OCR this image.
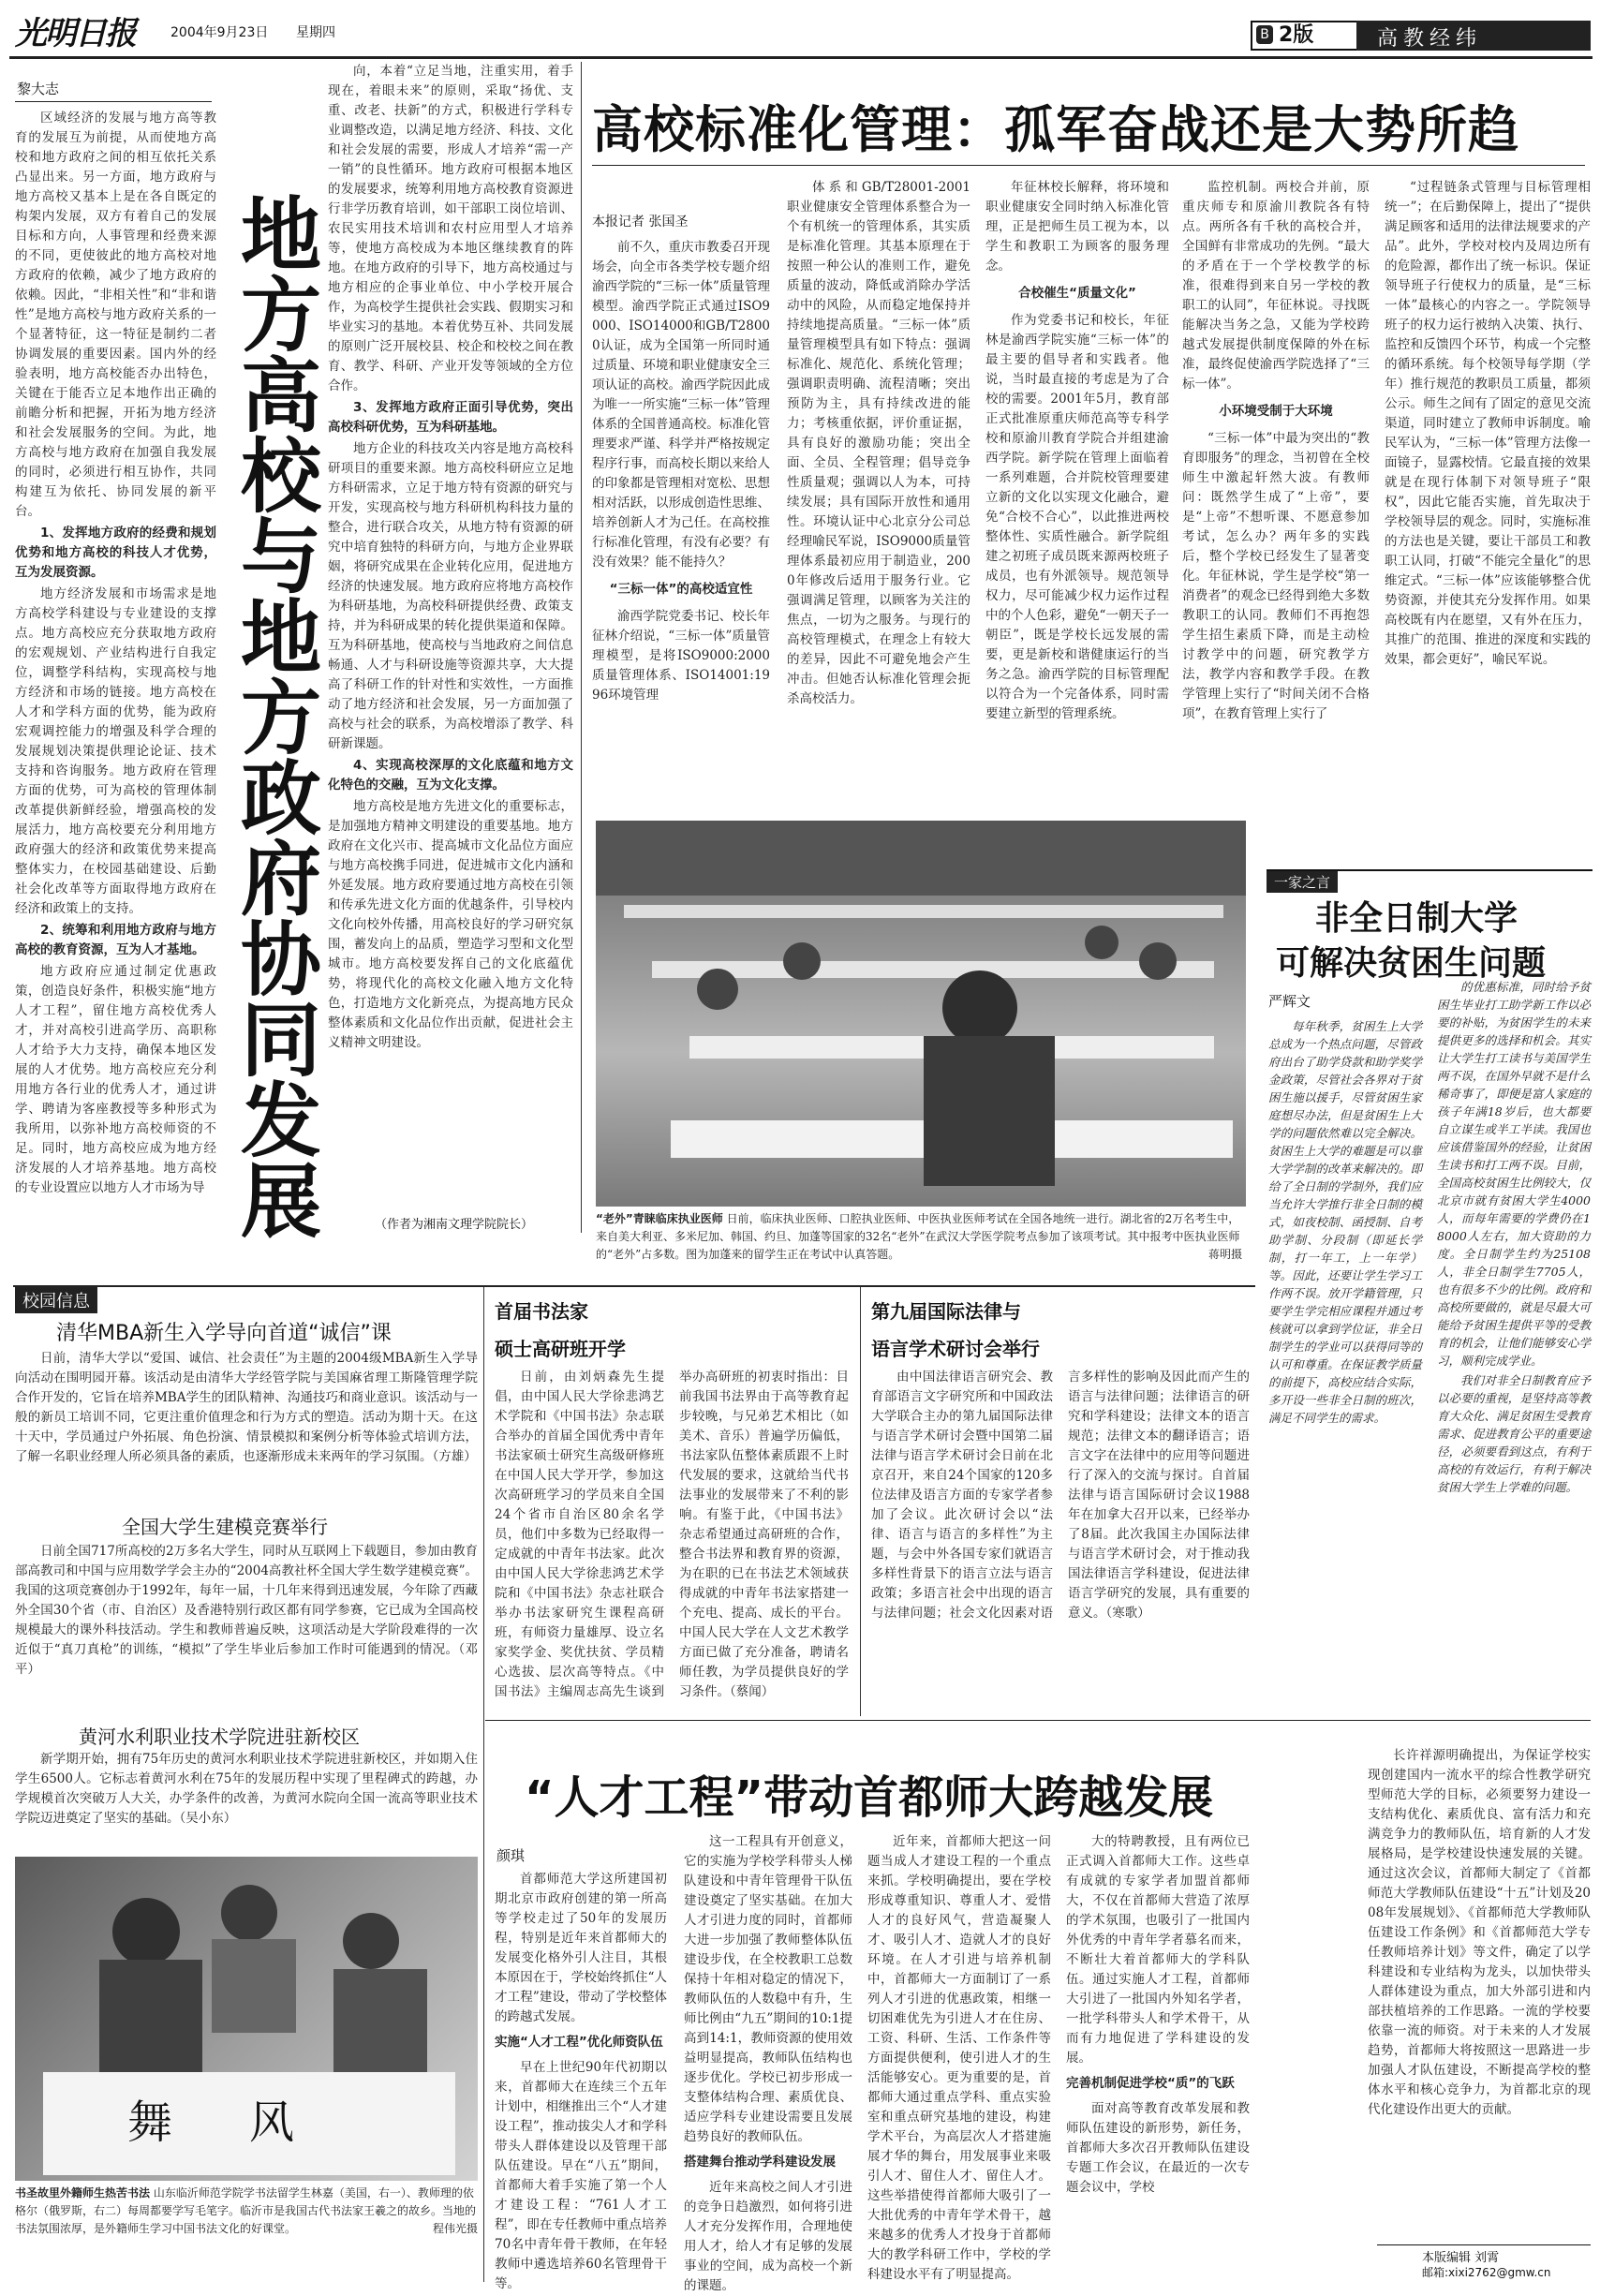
光明日报	2004年9月23日 星期四	B 2版	高教经纬
黎大志

区域经济的发展与地方高等教育的发展互为前提，从而使地方高校和地方政府之间的相互依托关系凸显出来。另一方面，地方政府与地方高校又基本上是在各自既定的构架内发展，双方有着自己的发展目标和方向，人事管理和经费来源的不同，更使彼此的地方高校对地方政府的依赖，减少了地方政府的依赖。因此，“非相关性”和“非和谐性”是地方高校与地方政府关系的一个显著特征，这一特征是制约二者协调发展的重要因素。国内外的经验表明，地方高校能否办出特色，关键在于能否立足本地作出正确的前瞻分析和把握，开拓为地方经济和社会发展服务的空间。为此，地方高校与地方政府在加强自我发展的同时，必须进行相互协作，共同构建互为依托、协同发展的新平台。

1、发挥地方政府的经费和规划优势和地方高校的科技人才优势，互为发展资源。

地方经济发展和市场需求是地方高校学科建设与专业建设的支撑点。地方高校应充分获取地方政府的宏观规划、产业结构进行自我定位，调整学科结构，实现高校与地方经济和市场的链接。地方高校在人才和学科方面的优势，能为政府宏观调控能力的增强及科学合理的发展规划决策提供理论论证、技术支持和咨询服务。地方政府在管理方面的优势，可为高校的管理体制改革提供新鲜经验，增强高校的发展活力，地方高校要充分利用地方政府强大的经济和政策优势来提高整体实力，在校园基础建设、后勤社会化改革等方面取得地方政府在经济和政策上的支持。

2、统筹和利用地方政府与地方高校的教育资源，互为人才基地。

地方政府应通过制定优惠政策，创造良好条件，积极实施“地方人才工程”，留住地方高校优秀人才，并对高校引进高学历、高职称人才给予大力支持，确保本地区发展的人才优势。地方高校应充分利用地方各行业的优秀人才，通过讲学、聘请为客座教授等多种形式为我所用，以弥补地方高校师资的不足。同时，地方高校应成为地方经济发展的人才培养基地。地方高校的专业设置应以地方人才市场为导 地方高校与地方政府协同发展

向，本着“立足当地，注重实用，着手现在，着眼未来”的原则，采取“扬优、支重、改老、扶新”的方式，积极进行学科专业调整改造，以满足地方经济、科技、文化和社会发展的需要，形成人才培养“需一产一销”的良性循环。地方政府可根据本地区的发展要求，统筹利用地方高校教育资源进行非学历教育培训，如干部职工岗位培训、农民实用技术培训和农村应用型人才培养等，使地方高校成为本地区继续教育的阵地。在地方政府的引导下，地方高校通过与地方相应的企事业单位、中小学校开展合作，为高校学生提供社会实践、假期实习和毕业实习的基地。本着优势互补、共同发展的原则广泛开展校县、校企和校校之间在教育、教学、科研、产业开发等领域的全方位合作。

3、发挥地方政府正面引导优势，突出高校科研优势，互为科研基地。

地方企业的科技攻关内容是地方高校科研项目的重要来源。地方高校科研应立足地方科研需求，立足于地方特有资源的研究与开发，实现高校与地方科研机构科技力量的整合，进行联合攻关，从地方特有资源的研究中培育独特的科研方向，与地方企业界联姻，将研究成果在企业转化应用，促进地方经济的快速发展。地方政府应将地方高校作为科研基地，为高校科研提供经费、政策支持，并为科研成果的转化提供渠道和保障。互为科研基地，使高校与当地政府之间信息畅通、人才与科研设施等资源共享，大大提高了科研工作的针对性和实效性，一方面推动了地方经济和社会发展，另一方面加强了高校与社会的联系，为高校增添了教学、科研新课题。

4、实现高校深厚的文化底蕴和地方文化特色的交融，互为文化支撑。

地方高校是地方先进文化的重要标志，是加强地方精神文明建设的重要基地。地方政府在文化兴市、提高城市文化品位方面应与地方高校携手同进，促进城市文化内涵和外延发展。地方政府要通过地方高校在引领和传承先进文化方面的优越条件，引导校内文化向校外传播，用高校良好的学习研究氛围，蓄发向上的品质，塑造学习型和文化型城市。地方高校要发挥自己的文化底蕴优势，将现代化的高校文化融入地方文化特色，打造地方文化新亮点，为提高地方民众整体素质和文化品位作出贡献，促进社会主义精神文明建设。

（作者为湘南文理学院院长）
高校标准化管理：孤军奋战还是大势所趋
本报记者 张国圣

前不久，重庆市教委召开现场会，向全市各类学校专题介绍渝西学院的“三标一体”质量管理模型。渝西学院正式通过ISO9000、ISO14000和GB/T28000认证，成为全国第一所同时通过质量、环境和职业健康安全三项认证的高校。渝西学院因此成为唯一一所实施“三标一体”管理体系的全国普通高校。标准化管理要求严谨、科学并严格按规定程序行事，而高校长期以来给人的印象都是管理相对宽松、思想相对活跃，以形成创造性思维、培养创新人才为己任。在高校推行标准化管理，有没有必要？有没有效果？能不能持久？

“三标一体”的高校适宜性

渝西学院党委书记、校长年征林介绍说，“三标一体”质量管理模型，是将ISO9000:2000质量管理体系、ISO14001:1996环境管理

体系和GB/T28001-2001职业健康安全管理体系整合为一个有机统一的管理体系，其实质是标准化管理。其基本原理在于按照一种公认的准则工作，避免质量的波动，降低或消除办学活动中的风险，从而稳定地保持并持续地提高质量。“三标一体”质量管理模型具有如下特点：强调标准化、规范化、系统化管理；强调职责明确、流程清晰；突出预防为主，具有持续改进的能力；考核重依据，评价重证据，具有良好的激励功能；突出全面、全员、全程管理；倡导竞争性质量观；强调以人为本，可持续发展；具有国际开放性和通用性。环境认证中心北京分公司总经理喻民军说，ISO9000质量管理体系最初应用于制造业，2000年修改后适用于服务行业。它强调满足管理，以顾客为关注的焦点，一切为之服务。与现行的高校管理模式，在理念上有较大的差异，因此不可避免地会产生冲击。但她否认标准化管理会扼杀高校活力。

年征林校长解释，将环境和职业健康安全同时纳入标准化管理，正是把师生员工视为本，以学生和教职工为顾客的服务理念。

合校催生“质量文化”

作为党委书记和校长，年征林是渝西学院实施“三标一体”的最主要的倡导者和实践者。他说，当时最直接的考虑是为了合校的需要。2001年5月，教育部正式批准原重庆师范高等专科学校和原渝川教育学院合并组建渝西学院。新学院在管理上面临着一系列难题，合并院校管理要建立新的文化以实现文化融合，避免“合校不合心”，以此推进两校整体性、实质性融合。新学院组建之初班子成员既来源两校班子成员，也有外派领导。规范领导权力，尽可能减少权力运作过程中的个人色彩，避免“一朝天子一朝臣”，既是学校长远发展的需要，更是新校和谐健康运行的当务之急。渝西学院的目标管理配以符合为一个完备体系，同时需要建立新型的管理系统。

监控机制。两校合并前，原重庆师专和原渝川教院各有特点。两所各有千秋的高校合并，全国鲜有非常成功的先例。“最大的矛盾在于一个学校教学的标准，很难得到来自另一学校的教职工的认同”，年征林说。寻找既能解决当务之急，又能为学校跨越式发展提供制度保障的外在标准，最终促使渝西学院选择了“三标一体”。

小环境受制于大环境

“三标一体”中最为突出的“教育即服务”的理念，当初曾在全校师生中激起轩然大波。有教师问：既然学生成了“上帝”，要是“上帝”不想听课、不愿意参加考试，怎么办？两年多的实践后，整个学校已经发生了显著变化。年征林说，学生是学校“第一消费者”的观念已经得到绝大多数教职工的认同。教师们不再抱怨学生招生素质下降，而是主动检讨教学中的问题，研究教学方法，教学内容和教学手段。在教学管理上实行了“时间关闭不合格项”，在教育管理上实行了

“过程链条式管理与目标管理相统一”；在后勤保障上，提出了“提供满足顾客和适用的法律法规要求的产品”。此外，学校对校内及周边所有的危险源，都作出了统一标识。保证领导班子行使权力的质量，是“三标一体”最核心的内容之一。学院领导班子的权力运行被纳入决策、执行、监控和反馈四个环节，构成一个完整的循环系统。每个校领导每学期（学年）推行规范的教职员工质量，都须公示。师生之间有了固定的意见交流渠道，同时建立了教师申诉制度。喻民军认为，“三标一体”管理方法像一面镜子，显露校情。它最直接的效果就是在现行体制下对领导班子“限权”，因此它能否实施，首先取决于学校领导层的观念。同时，实施标准的方法也是关键，要让干部员工和教职工认同，打破“不能完全量化”的思维定式。“三标一体”应该能够整合优势资源，并使其充分发挥作用。如果高校既有内在愿望，又有外在压力，其推广的范围、推进的深度和实践的效果，都会更好”，喻民军说。

“老外”青睐临床执业医师 日前，临床执业医师、口腔执业医师、中医执业医师考试在全国各地统一进行。湖北省的2万名考生中，来自美大利亚、多米尼加、韩国、约旦、加蓬等国家的32名“老外”在武汉大学医学院考点参加了该项考试。其中报考中医执业医师的“老外”占多数。图为加蓬来的留学生正在考试中认真答题。	蒋明摄
一家之言
非全日制大学
可解决贫困生问题
严辉文

每年秋季，贫困生上大学总成为一个热点问题，尽管政府出台了助学贷款和助学奖学金政策，尽管社会各界对于贫困生施以援手，尽管贫困生家庭想尽办法，但是贫困生上大学的问题依然难以完全解决。贫困生上大学的难题是可以靠大学学制的改革来解决的。即给了全日制的学制外，我们应当允许大学推行非全日制的模式，如夜校制、函授制、自考助学制、分段制（即延长学制，打一年工，上一年学）等。因此，还要让学生学习工作两不误。放开学籍管理，只要学生学完相应课程并通过考核就可以拿到学位证，非全日制学生的学业可以获得同等的认可和尊重。在保证教学质量的前提下，高校应结合实际，多开设一些非全日制的班次，满足不同学生的需求。

的优惠标准，同时给予贫困生毕业打工助学新工作以必要的补贴，为贫困学生的未来提供更多的选择和机会。其实让大学生打工读书与美国学生两不误，在国外早就不是什么稀奇事了，即便是富人家庭的孩子年满18岁后，也大都要自立谋生或半工半读。我国也应该借鉴国外的经验，让贫困生读书和打工两不误。目前，全国高校贫困生比例较大，仅北京市就有贫困大学生4000人，而每年需要的学费仍在18000人左右，加大资助的力度。全日制学生约为25108人，非全日制学生7705人，也有很多不少的比例。政府和高校所要做的，就是尽最大可能给予贫困生提供平等的受教育的机会，让他们能够安心学习，顺利完成学业。

我们对非全日制教育应予以必要的重视，是坚持高等教育大众化、满足贫困生受教育需求、促进教育公平的重要途径，必须要看到这点，有利于高校的有效运行，有利于解决贫困大学生上学难的问题。

校园信息
清华MBA新生入学导向首道“诚信”课

日前，清华大学以“爱国、诚信、社会责任”为主题的2004级MBA新生入学导向活动在围明园开幕。该活动是由清华大学经管学院与美国麻省理工斯隆管理学院合作开发的，它旨在培养MBA学生的团队精神、沟通技巧和商业意识。该活动与一般的新员工培训不同，它更注重价值理念和行为方式的塑造。活动为期十天。在这十天中，学员通过户外拓展、角色扮演、情景模拟和案例分析等体验式培训方法，了解一名职业经理人所必须具备的素质，也逐渐形成未来两年的学习氛围。（方雄）

全国大学生建模竞赛举行

日前全国717所高校的2万多名大学生，同时从互联网上下载题目，参加由教育部高教司和中国与应用数学学会主办的“2004高教社杯全国大学生数学建模竞赛”。我国的这项竞赛创办于1992年，每年一届，十几年来得到迅速发展，今年除了西藏外全国30个省（市、自治区）及香港特别行政区都有同学参赛，它已成为全国高校规模最大的课外科技活动。学生和教师普遍反映，这项活动是大学阶段难得的一次近似于“真刀真枪”的训练，“模拟”了学生毕业后参加工作时可能遇到的情况。（邓平）

黄河水利职业技术学院进驻新校区

新学期开始，拥有75年历史的黄河水利职业技术学院进驻新校区，并如期入住学生6500人。它标志着黄河水利在75年的发展历程中实现了里程碑式的跨越，办学规模首次突破万人大关，办学条件的改善，为黄河水院向全国一流高等职业技术学院迈进奠定了坚实的基础。（吴小东）

舞 风
书圣故里外籍师生热苦书法 山东临沂师范学院学书法留学生林嘉（美国，右一）、教师理的依格尔（俄罗斯，右二）每周都要学写毛笔字。临沂市是我国古代书法家王羲之的故乡。当地的书法氛围浓厚，是外籍师生学习中国书法文化的好课堂。	程伟光摄
首届书法家
硕士高研班开学

日前，由刘炳森先生提倡，由中国人民大学徐悲鸿艺术学院和《中国书法》杂志联合举办的首届全国优秀中青年书法家硕士研究生高级研修班在中国人民大学开学，参加这次高研班学习的学员来自全国24个省市自治区80余名学员，他们中多数为已经取得一定成就的中青年书法家。此次由中国人民大学徐悲鸿艺术学院和《中国书法》杂志社联合举办书法家研究生课程高研班，有师资力量雄厚、设立名家奖学金、奖优扶贫、学员精心选拔、层次高等特点。《中国书法》主编周志高先生谈到举办高研班的初衷时指出：目前我国书法界由于高等教育起步较晚，与兄弟艺术相比（如美术、音乐）普遍学历偏低，书法家队伍整体素质跟不上时代发展的要求，这就给当代书法事业的发展带来了不利的影响。有鉴于此，《中国书法》杂志希望通过高研班的合作，整合书法界和教育界的资源，为在职的已在书法艺术领域获得成就的中青年书法家搭建一个充电、提高、成长的平台。中国人民大学在人文艺术教学方面已做了充分准备，聘请名师任教，为学员提供良好的学习条件。（蔡闻）

第九届国际法律与
语言学术研讨会举行

由中国法律语言研究会、教育部语言文字研究所和中国政法大学联合主办的第九届国际法律与语言学术研讨会暨中国第二届法律与语言学术研讨会日前在北京召开，来自24个国家的120多位法律及语言方面的专家学者参加了会议。此次研讨会以“法律、语言与语言的多样性”为主题，与会中外各国专家们就语言多样性背景下的语言立法与语言政策；多语言社会中出现的语言与法律问题；社会文化因素对语言多样性的影响及因此而产生的语言与法律问题；法律语言的研究和学科建设；法律文本的语言规范；法律文本的翻译语言；语言文字在法律中的应用等问题进行了深入的交流与探讨。自首届法律与语言国际研讨会议1988年在加拿大召开以来，已经举办了8届。此次我国主办国际法律与语言学术研讨会，对于推动我国法律语言学科建设，促进法律语言学研究的发展，具有重要的意义。（寒歌）

“人才工程”带动首都师大跨越发展
颜琪

首都师范大学这所建国初期北京市政府创建的第一所高等学校走过了50年的发展历程，特别是近年来首都师大的发展变化格外引人注目，其根本原因在于，学校始终抓住“人才工程”建设，带动了学校整体的跨越式发展。

实施“人才工程”优化师资队伍

早在上世纪90年代初期以来，首都师大在连续三个五年计划中，相继推出三个“人才建设工程”，推动拔尖人才和学科带头人群体建设以及管理干部队伍建设。早在“八五”期间，首都师大着手实施了第一个人才建设工程：“761人才工程”，即在专任教师中重点培养70名中青年骨干教师，在年轻教师中遴选培养60名管理骨干等。

这一工程具有开创意义，它的实施为学校学科带头人梯队建设和中青年管理骨干队伍建设奠定了坚实基础。在加大人才引进力度的同时，首都师大进一步加强了教师整体队伍建设步伐，在全校教职工总数保持十年相对稳定的情况下，教师队伍的人数稳中有升，生师比例由“九五”期间的10:1提高到14:1，教师资源的使用效益明显提高，教师队伍结构也逐步优化。学校已初步形成一支整体结构合理、素质优良、适应学科专业建设需要且发展趋势良好的教师队伍。

搭建舞台推动学科建设发展

近年来高校之间人才引进的竞争日趋激烈，如何将引进人才充分发挥作用，合理地使用人才，给人才有足够的发展事业的空间，成为高校一个新的课题。

近年来，首都师大把这一问题当成人才建设工程的一个重点来抓。学校明确提出，要在学校形成尊重知识、尊重人才、爱惜人才的良好风气，营造凝聚人才、吸引人才、造就人才的良好环境。在人才引进与培养机制中，首都师大一方面制订了一系列人才引进的优惠政策，相继一切困难优先为引进人才在住房、工资、科研、生活、工作条件等方面提供便利，使引进人才的生活能够安心。更为重要的是，首都师大通过重点学科、重点实验室和重点研究基地的建设，构建学术平台，为高层次人才搭建施展才华的舞台，用发展事业来吸引人才、留住人才、留住人才。这些举措使得首都师大吸引了一大批优秀的中青年学术骨干，越来越多的优秀人才投身于首都师大的教学科研工作中，学校的学科建设水平有了明显提高。

大的特聘教授，且有两位已正式调入首都师大工作。这些卓有成就的专家学者加盟首都师大，不仅在首都师大营造了浓厚的学术氛围，也吸引了一批国内外优秀的中青年学者慕名而来，不断壮大着首都师大的学科队伍。通过实施人才工程，首都师大引进了一批国内外知名学者，一批学科带头人和学术骨干，从而有力地促进了学科建设的发展。

完善机制促进学校“质”的飞跃

面对高等教育改革发展和教师队伍建设的新形势，新任务，首都师大多次召开教师队伍建设专题工作会议，在最近的一次专题会议中，学校

长许祥源明确提出，为保证学校实现创建国内一流水平的综合性教学研究型师范大学的目标，必须要努力建设一支结构优化、素质优良、富有活力和充满竞争力的教师队伍，培育新的人才发展格局，是学校建设快速发展的关键。通过这次会议，首都师大制定了《首都师范大学教师队伍建设“十五”计划及2008年发展规划》、《首都师范大学教师队伍建设工作条例》和《首都师范大学专任教师培养计划》等文件，确定了以学科建设和专业结构为龙头，以加快带头人群体建设为重点，加大外部引进和内部扶植培养的工作思路。一流的学校要依靠一流的师资。对于未来的人才发展趋势，首都师大将按照这一思路进一步加强人才队伍建设，不断提高学校的整体水平和核心竞争力，为首都北京的现代化建设作出更大的贡献。

本版编辑 刘霄
邮箱:xixi2762@gmw.cn
